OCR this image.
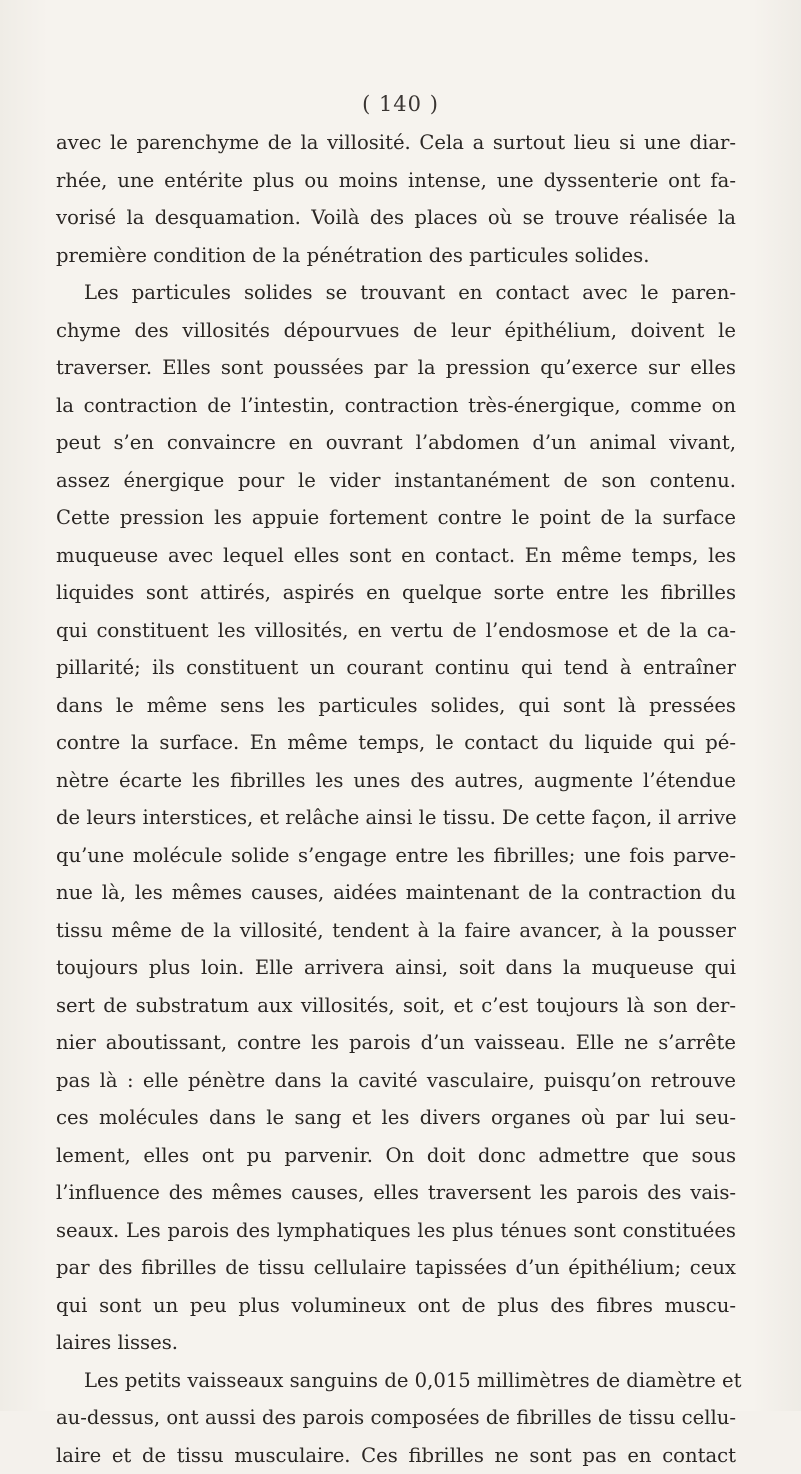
( 140 )
avec le parenchyme de la villosité. Cela a surtout lieu si une diar-
rhée, une entérite plus ou moins intense, une dyssenterie ont fa-
vorisé la desquamation. Voilà des places où se trouve réalisée la
première condition de la pénétration des particules solides.
Les particules solides se trouvant en contact avec le paren-
chyme des villosités dépourvues de leur épithélium, doivent le
traverser. Elles sont poussées par la pression qu’exerce sur elles
la contraction de l’intestin, contraction très-énergique, comme on
peut s’en convaincre en ouvrant l’abdomen d’un animal vivant,
assez énergique pour le vider instantanément de son contenu.
Cette pression les appuie fortement contre le point de la surface
muqueuse avec lequel elles sont en contact. En même temps, les
liquides sont attirés, aspirés en quelque sorte entre les fibrilles
qui constituent les villosités, en vertu de l’endosmose et de la ca-
pillarité; ils constituent un courant continu qui tend à entraîner
dans le même sens les particules solides, qui sont là pressées
contre la surface. En même temps, le contact du liquide qui pé-
nètre écarte les fibrilles les unes des autres, augmente l’étendue
de leurs interstices, et relâche ainsi le tissu. De cette façon, il arrive
qu’une molécule solide s’engage entre les fibrilles; une fois parve-
nue là, les mêmes causes, aidées maintenant de la contraction du
tissu même de la villosité, tendent à la faire avancer, à la pousser
toujours plus loin. Elle arrivera ainsi, soit dans la muqueuse qui
sert de substratum aux villosités, soit, et c’est toujours là son der-
nier aboutissant, contre les parois d’un vaisseau. Elle ne s’arrête
pas là : elle pénètre dans la cavité vasculaire, puisqu’on retrouve
ces molécules dans le sang et les divers organes où par lui seu-
lement, elles ont pu parvenir. On doit donc admettre que sous
l’influence des mêmes causes, elles traversent les parois des vais-
seaux. Les parois des lymphatiques les plus ténues sont constituées
par des fibrilles de tissu cellulaire tapissées d’un épithélium; ceux
qui sont un peu plus volumineux ont de plus des fibres muscu-
laires lisses.
Les petits vaisseaux sanguins de 0,015 millimètres de diamètre et
au-dessus, ont aussi des parois composées de fibrilles de tissu cellu-
laire et de tissu musculaire. Ces fibrilles ne sont pas en contact
